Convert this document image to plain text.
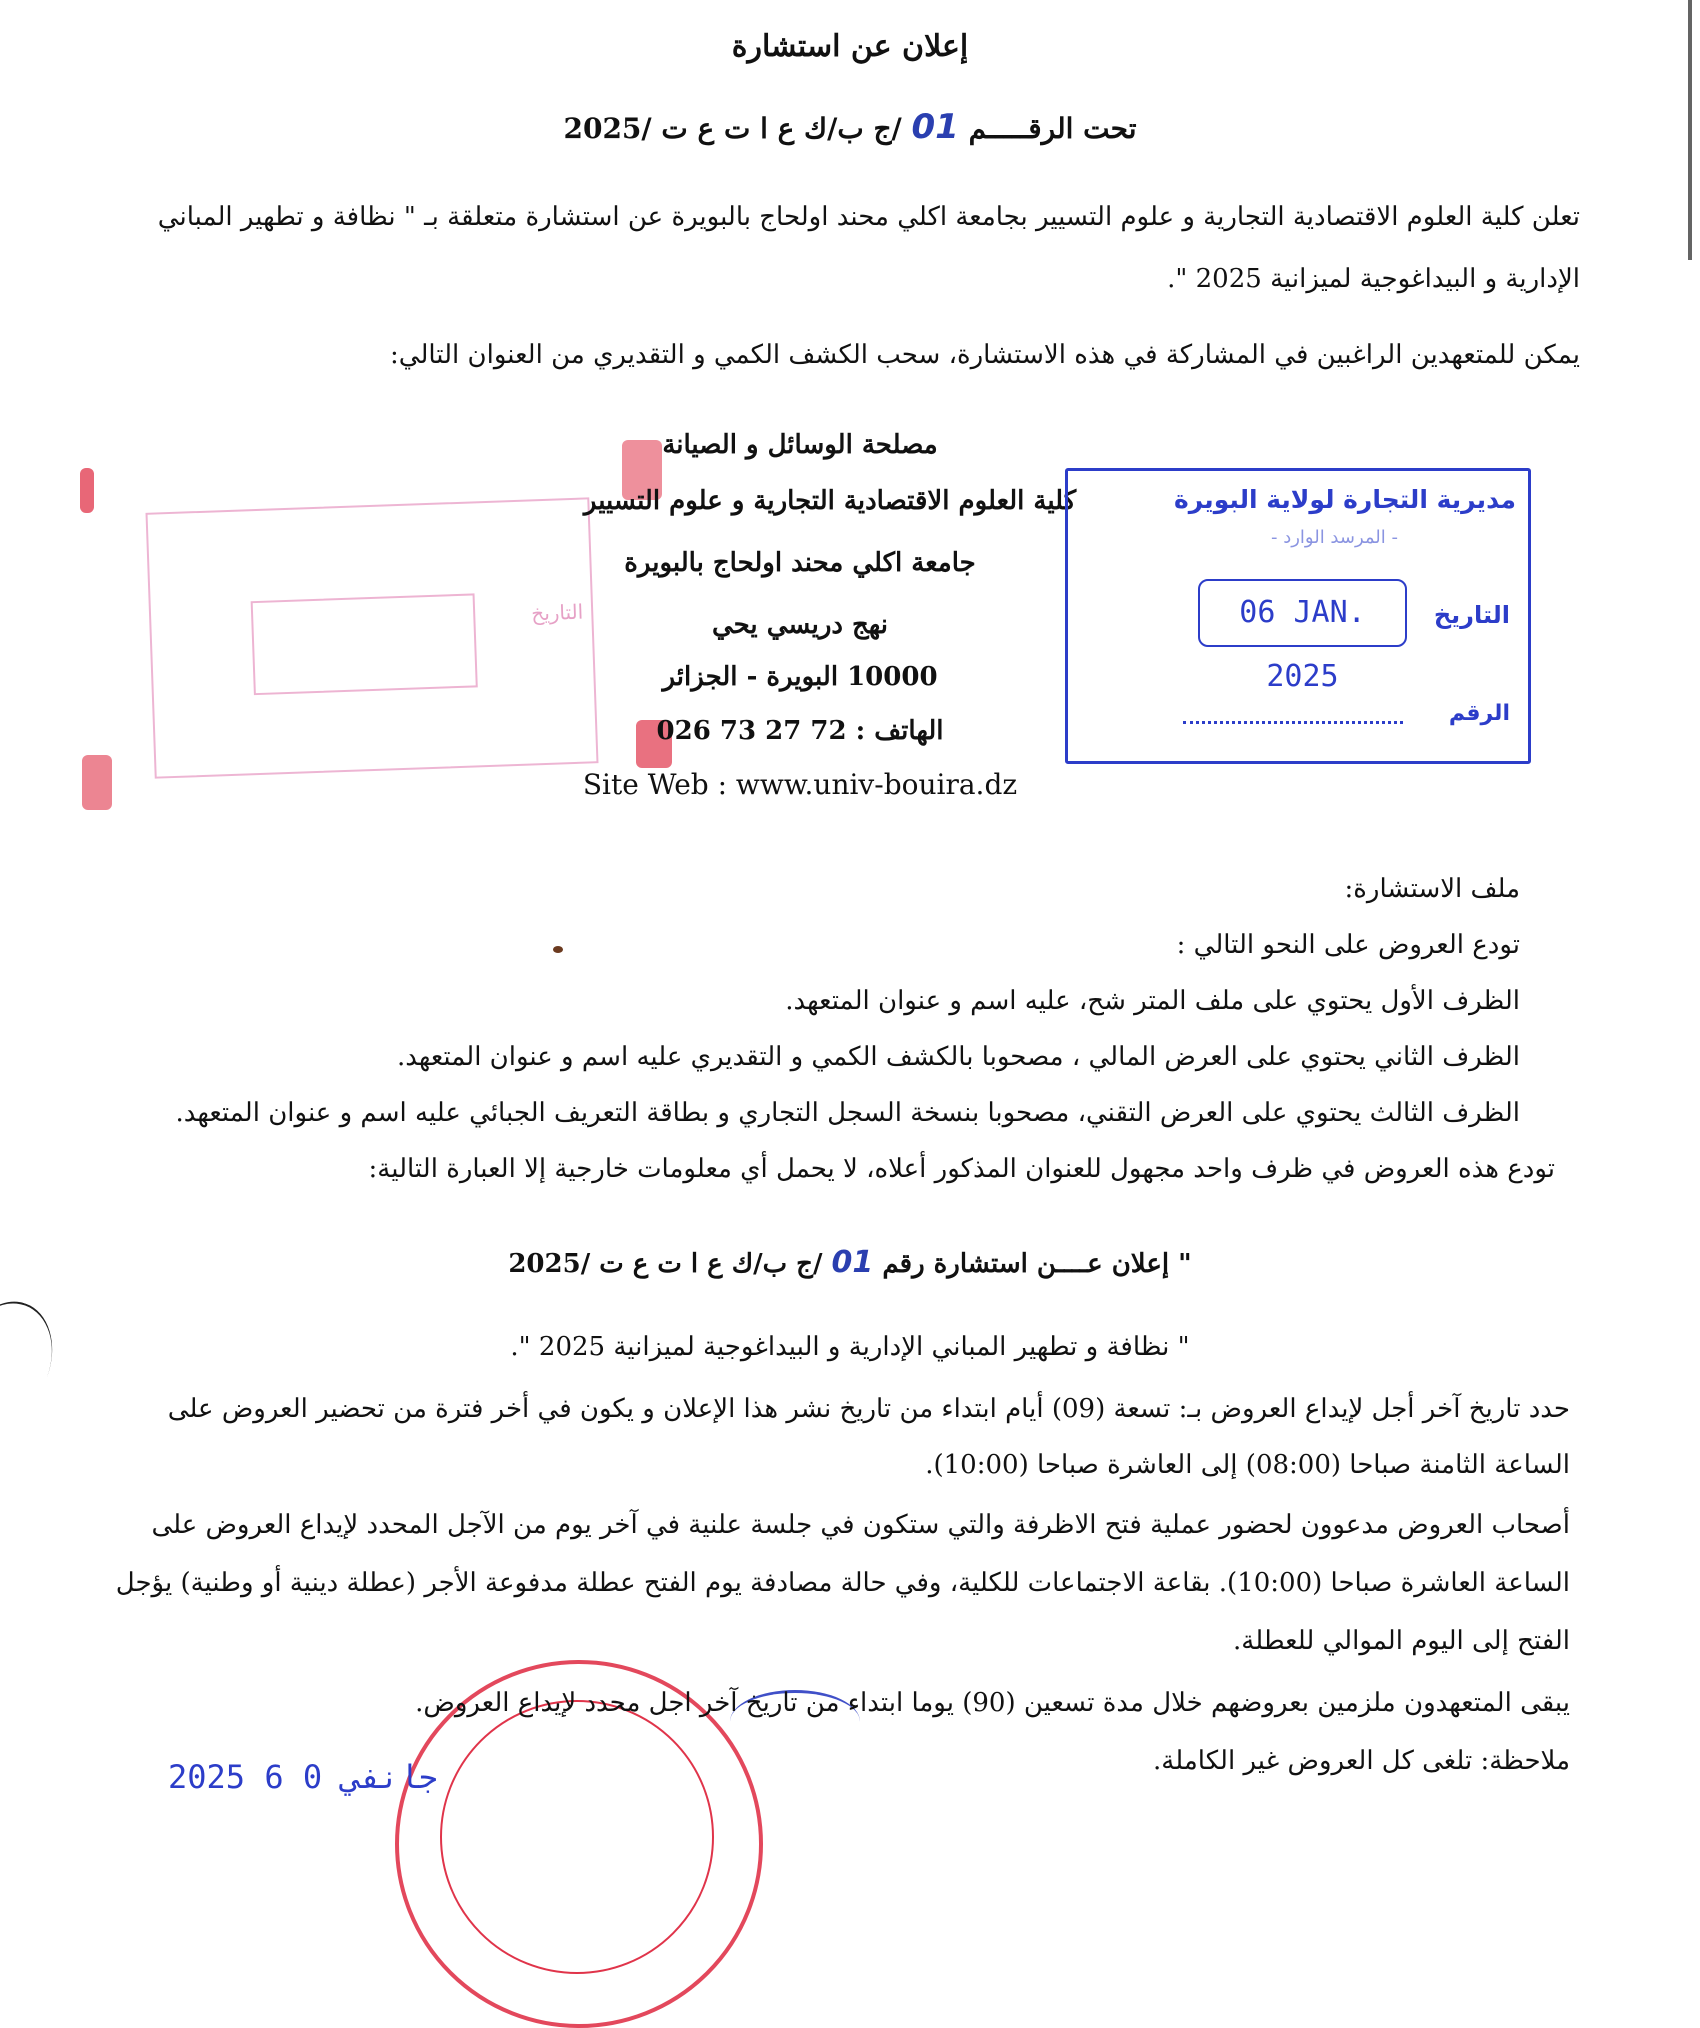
إعلان عن استشارة
تحت الرقـــــم 01 /ج ب/ك ع ا ت ع ت /2025
تعلن كلية العلوم الاقتصادية التجارية و علوم التسيير بجامعة اكلي محند اولحاج بالبويرة عن استشارة متعلقة بـ " نظافة و تطهير المباني
الإدارية و البيداغوجية لميزانية 2025 ".
يمكن للمتعهدين الراغبين في المشاركة في هذه الاستشارة، سحب الكشف الكمي و التقديري من العنوان التالي:
التاريخ
مصلحة الوسائل و الصيانة
كلية العلوم الاقتصادية التجارية و علوم التسيير
جامعة اكلي محند اولحاج بالبويرة
نهج دريسي يحي
10000 البويرة - الجزائر
الهاتف : 72 27 73 026
Site Web : www.univ-bouira.dz
مديرية التجارة لولاية البويرة
- المرسد الوارد -
التاريخ
06 JAN. 2025
الرقم
ملف الاستشارة:
تودع العروض على النحو التالي :
الظرف الأول يحتوي على ملف المتر شح، عليه اسم و عنوان المتعهد.
الظرف الثاني يحتوي على العرض المالي ، مصحوبا بالكشف الكمي و التقديري عليه اسم و عنوان المتعهد.
الظرف الثالث يحتوي على العرض التقني، مصحوبا بنسخة السجل التجاري و بطاقة التعريف الجبائي عليه اسم و عنوان المتعهد.
تودع هذه العروض في ظرف واحد مجهول للعنوان المذكور أعلاه، لا يحمل أي معلومات خارجية إلا العبارة التالية:
" إعلان عــــن استشارة رقم 01 /ج ب/ك ع ا ت ع ت /2025
" نظافة و تطهير المباني الإدارية و البيداغوجية لميزانية 2025 ".
حدد تاريخ آخر أجل لإيداع العروض بـ: تسعة (09) أيام ابتداء من تاريخ نشر هذا الإعلان و يكون في أخر فترة من تحضير العروض على
الساعة الثامنة صباحا (08:00) إلى العاشرة صباحا (10:00).
أصحاب العروض مدعوون لحضور عملية فتح الاظرفة والتي ستكون في جلسة علنية في آخر يوم من الآجل المحدد لإيداع العروض على
الساعة العاشرة صباحا (10:00). بقاعة الاجتماعات للكلية، وفي حالة مصادفة يوم الفتح عطلة مدفوعة الأجر (عطلة دينية أو وطنية) يؤجل
الفتح إلى اليوم الموالي للعطلة.
يبقى المتعهدون ملزمين بعروضهم خلال مدة تسعين (90) يوما ابتداء من تاريخ آخر اجل محدد لإيداع العروض.
ملاحظة: تلغى كل العروض غير الكاملة.
2025 جانفي 0 6
